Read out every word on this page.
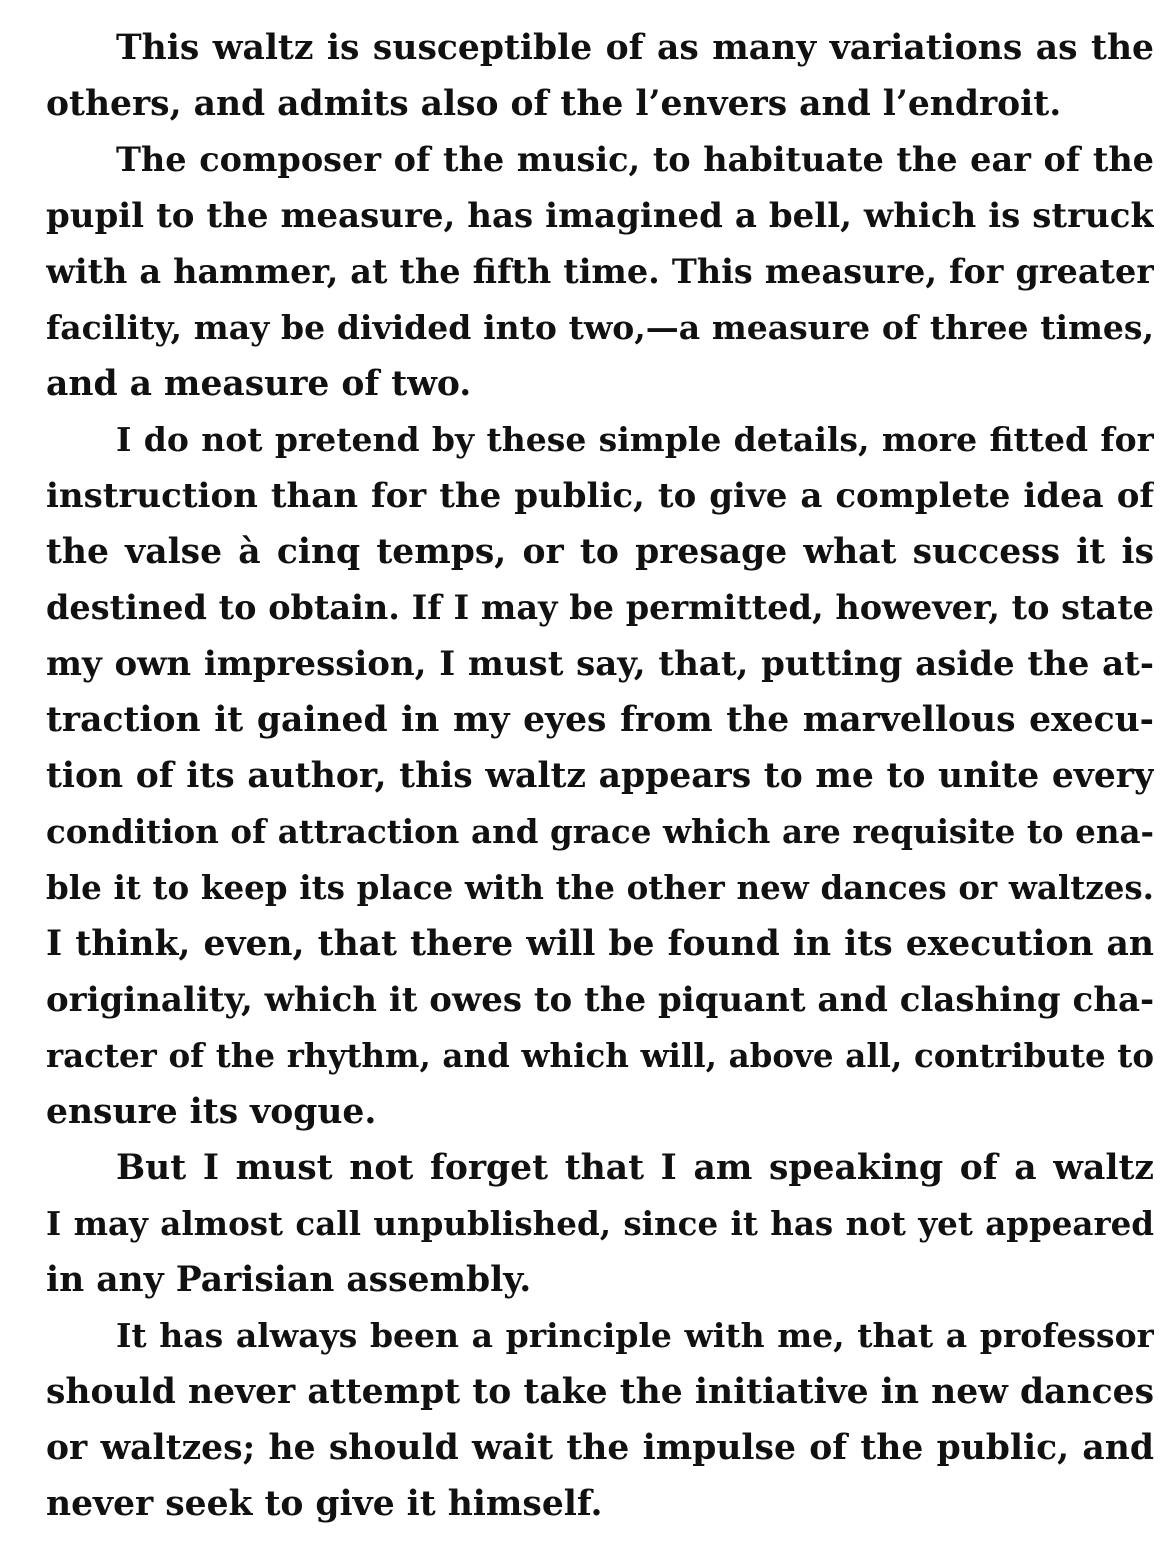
This waltz is susceptible of as many variations as the
others, and admits also of the l’envers and l’endroit.

The composer of the music, to habituate the ear of the
pupil to the measure, has imagined a bell, which is struck
with a hammer, at the fifth time. This measure, for greater
facility, may be divided into two,—a measure of three times,
and a measure of two.

I do not pretend by these simple details, more fitted for
instruction than for the public, to give a complete idea of
the valse à cinq temps, or to presage what success it is
destined to obtain. If I may be permitted, however, to state
my own impression, I must say, that, putting aside the at-
traction it gained in my eyes from the marvellous execu-
tion of its author, this waltz appears to me to unite every
condition of attraction and grace which are requisite to ena-
ble it to keep its place with the other new dances or waltzes.
I think, even, that there will be found in its execution an
originality, which it owes to the piquant and clashing cha-
racter of the rhythm, and which will, above all, contribute to
ensure its vogue.

But I must not forget that I am speaking of a waltz
I may almost call unpublished, since it has not yet appeared
in any Parisian assembly.

It has always been a principle with me, that a professor
should never attempt to take the initiative in new dances
or waltzes; he should wait the impulse of the public, and
never seek to give it himself.
